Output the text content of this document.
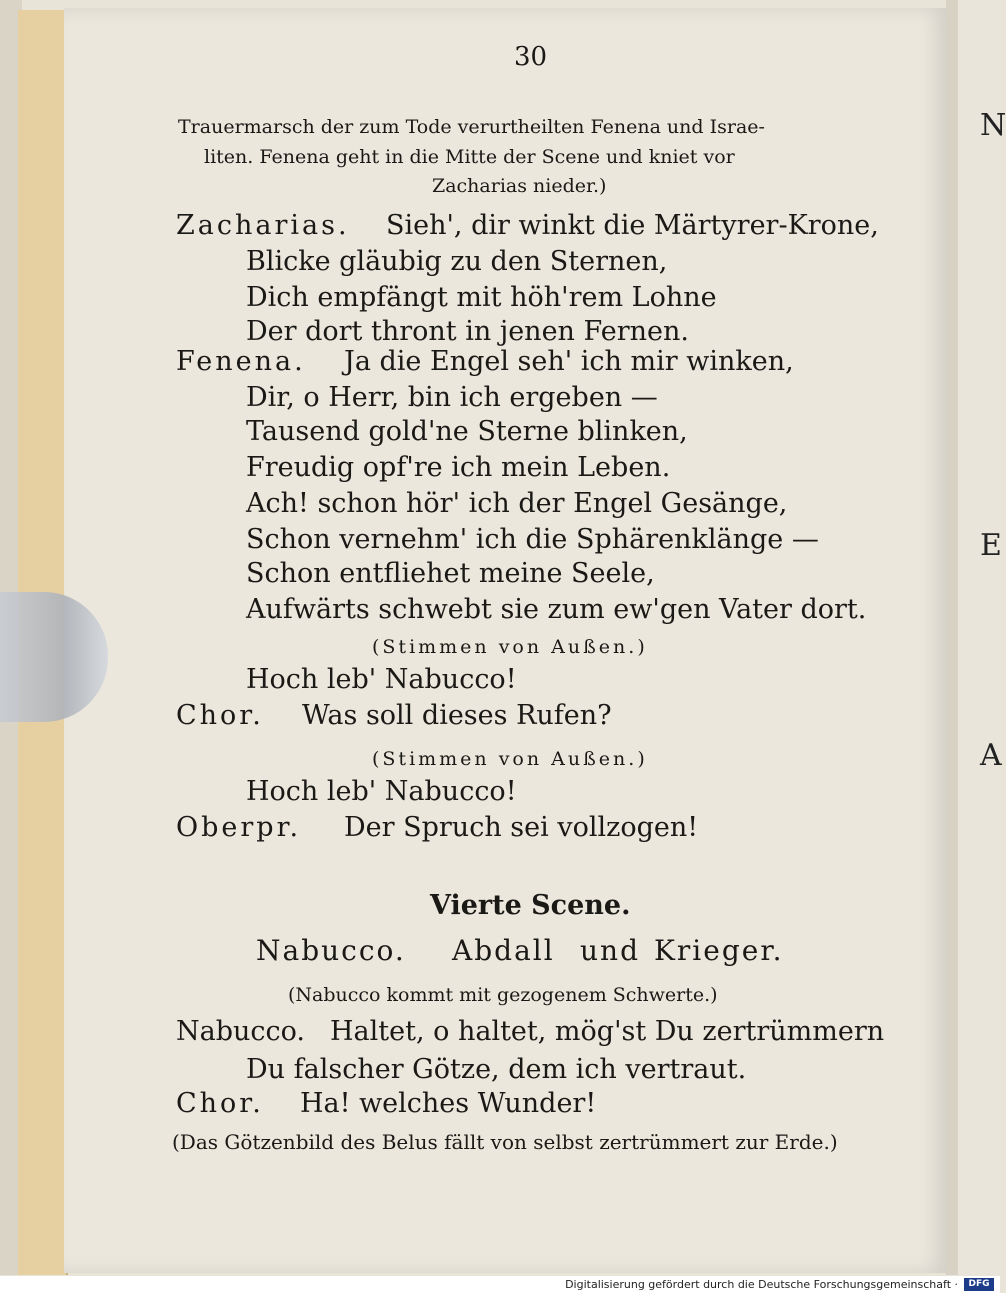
N
E
A
30
Trauermarsch der zum Tode verurtheilten Fenena und Israe-
liten. Fenena geht in die Mitte der Scene und kniet vor
Zacharias nieder.)
Zacharias. Sieh', dir winkt die Märtyrer-Krone,
Blicke gläubig zu den Sternen,
Dich empfängt mit höh'rem Lohne
Der dort thront in jenen Fernen.
Fenena. Ja die Engel seh' ich mir winken,
Dir, o Herr, bin ich ergeben —
Tausend gold'ne Sterne blinken,
Freudig opf're ich mein Leben.
Ach! schon hör' ich der Engel Gesänge,
Schon vernehm' ich die Sphärenklänge —
Schon entfliehet meine Seele,
Aufwärts schwebt sie zum ew'gen Vater dort.
(Stimmen von Außen.)
Hoch leb' Nabucco!
Chor. Was soll dieses Rufen?
(Stimmen von Außen.)
Hoch leb' Nabucco!
Oberpr. Der Spruch sei vollzogen!
Vierte Scene.
Nabucco. Abdall und Krieger.
(Nabucco kommt mit gezogenem Schwerte.)
Nabucco. Haltet, o haltet, mög'st Du zertrümmern
Du falscher Götze, dem ich vertraut.
Chor. Ha! welches Wunder!
(Das Götzenbild des Belus fällt von selbst zertrümmert zur Erde.)
Digitalisierung gefördert durch die Deutsche Forschungsgemeinschaft ·	DFG
